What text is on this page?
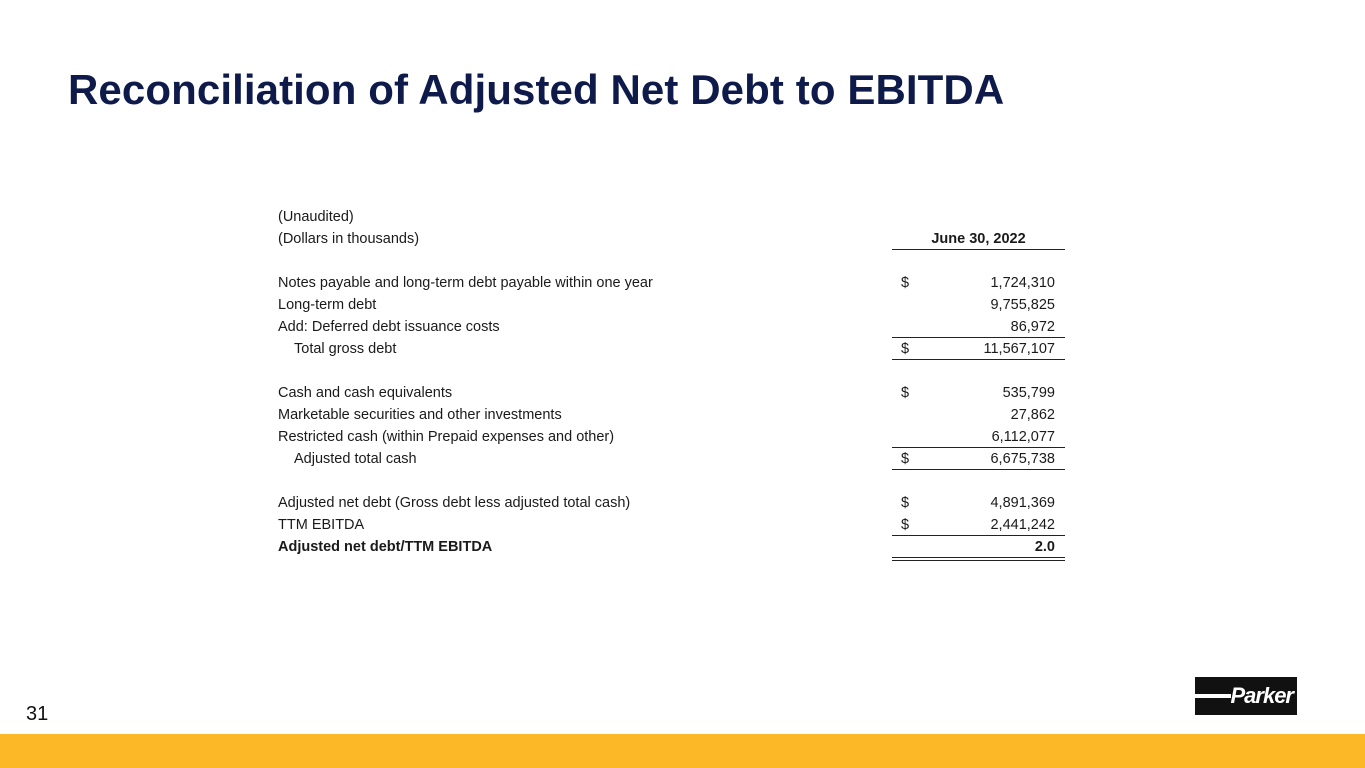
Reconciliation of Adjusted Net Debt to EBITDA
(Unaudited)
(Dollars in thousands)	June 30, 2022
Notes payable and long-term debt payable within one year	$	1,724,310
Long-term debt	9,755,825
Add: Deferred debt issuance costs	86,972
Total gross debt	$	11,567,107
Cash and cash equivalents	$	535,799
Marketable securities and other investments	27,862
Restricted cash (within Prepaid expenses and other)	6,112,077
Adjusted total cash	$	6,675,738
Adjusted net debt (Gross debt less adjusted total cash)	$	4,891,369
TTM EBITDA	$	2,441,242
Adjusted net debt/TTM EBITDA	2.0
31
Parker
